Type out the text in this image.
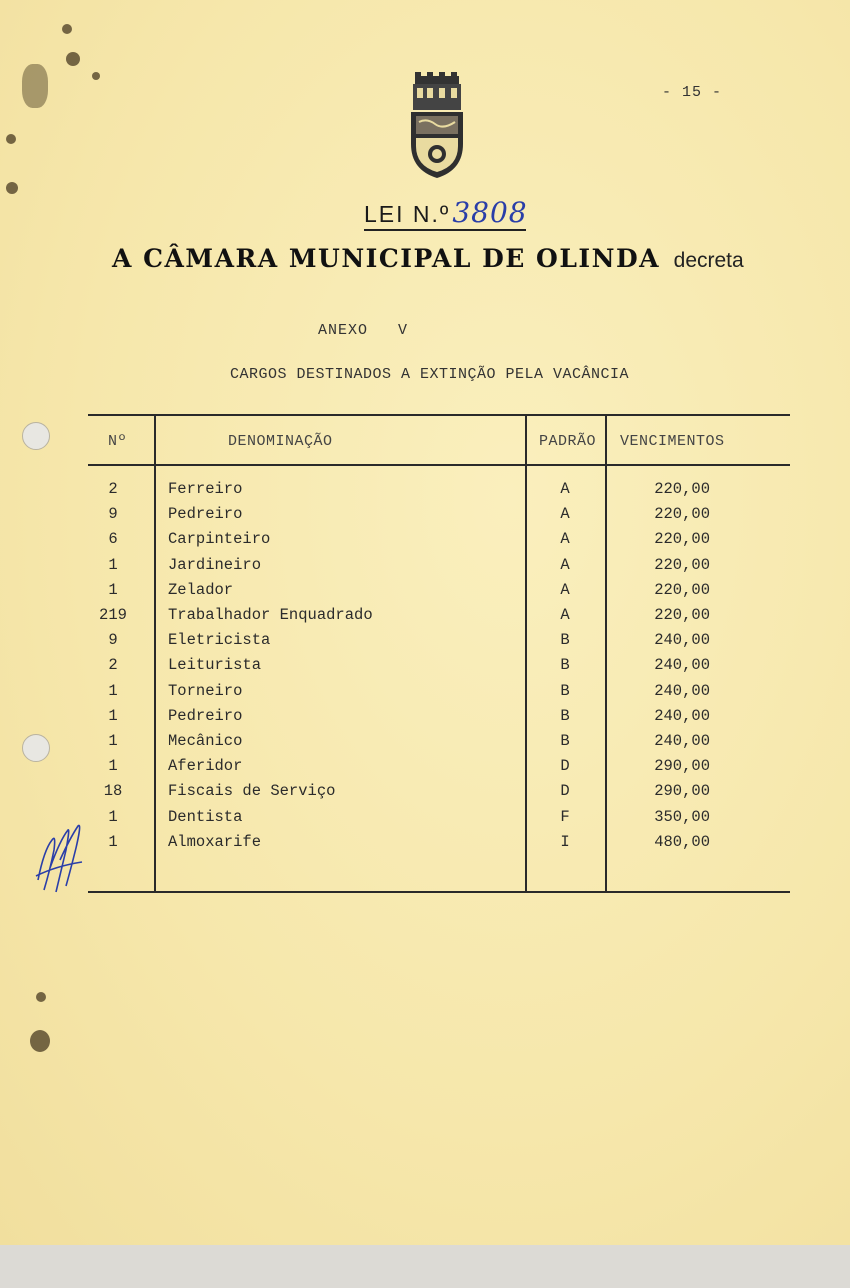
- 15 -
LEI N.º3808
A CÂMARA MUNICIPAL DE OLINDA decreta
ANEXO   V
CARGOS DESTINADOS A EXTINÇÃO PELA VACÂNCIA
Nº	DENOMINAÇÃO	PADRÃO VENCIMENTOS
2	Ferreiro	A	220,00
9	Pedreiro	A	220,00
6	Carpinteiro	A	220,00
1	Jardineiro	A	220,00
1	Zelador	A	220,00
219	Trabalhador Enquadrado	A	220,00
9	Eletricista	B	240,00
2	Leiturista	B	240,00
1	Torneiro	B	240,00
1	Pedreiro	B	240,00
1	Mecânico	B	240,00
1	Aferidor	D	290,00
18	Fiscais de Serviço	D	290,00
1	Dentista	F	350,00
1	Almoxarife	I	480,00
